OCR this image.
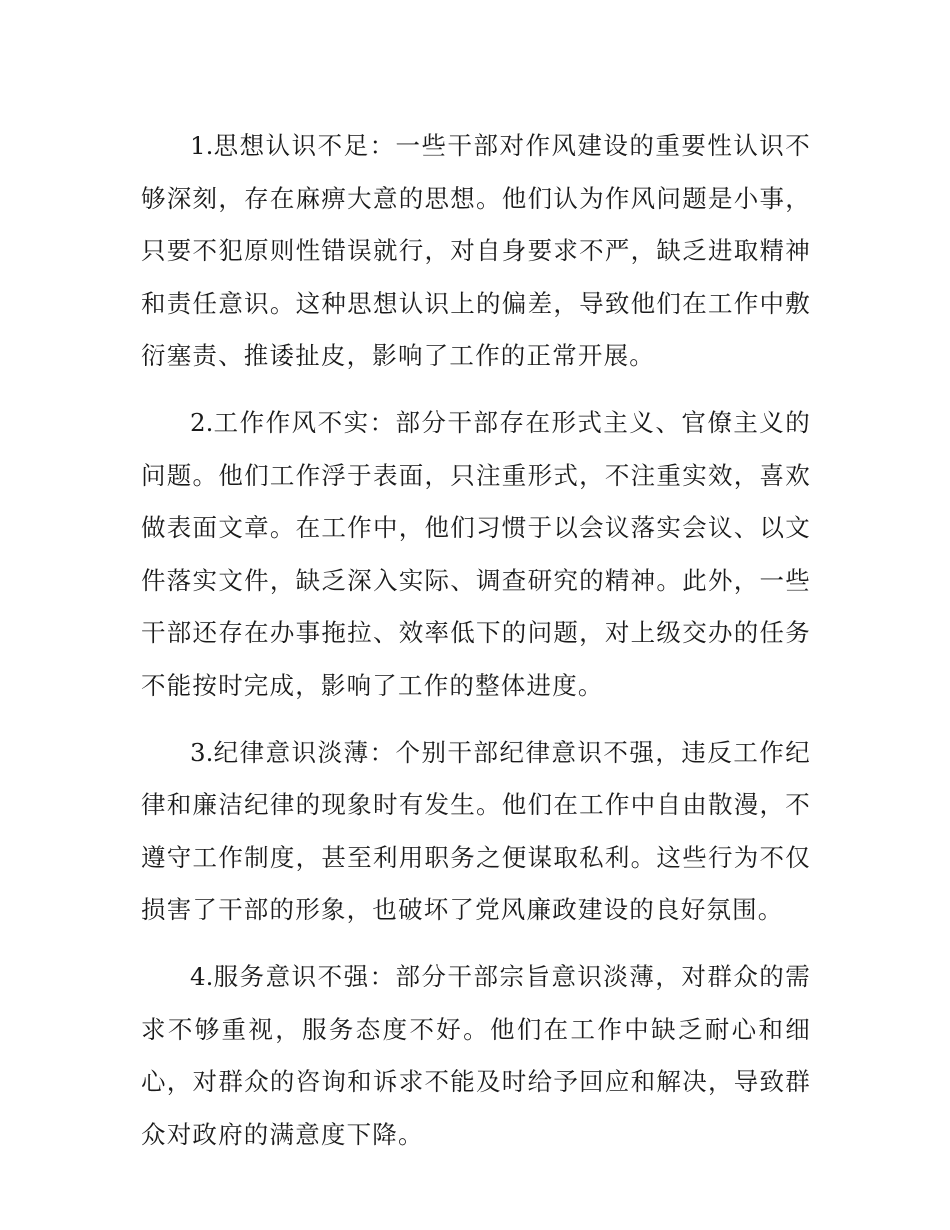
1.思想认识不足：一些干部对作风建设的重要性认识不够深刻，存在麻痹大意的思想。他们认为作风问题是小事，只要不犯原则性错误就行，对自身要求不严，缺乏进取精神和责任意识。这种思想认识上的偏差，导致他们在工作中敷衍塞责、推诿扯皮，影响了工作的正常开展。

2.工作作风不实：部分干部存在形式主义、官僚主义的问题。他们工作浮于表面，只注重形式，不注重实效，喜欢做表面文章。在工作中，他们习惯于以会议落实会议、以文件落实文件，缺乏深入实际、调查研究的精神。此外，一些干部还存在办事拖拉、效率低下的问题，对上级交办的任务不能按时完成，影响了工作的整体进度。

3.纪律意识淡薄：个别干部纪律意识不强，违反工作纪律和廉洁纪律的现象时有发生。他们在工作中自由散漫，不遵守工作制度，甚至利用职务之便谋取私利。这些行为不仅损害了干部的形象，也破坏了党风廉政建设的良好氛围。

4.服务意识不强：部分干部宗旨意识淡薄，对群众的需求不够重视，服务态度不好。他们在工作中缺乏耐心和细心，对群众的咨询和诉求不能及时给予回应和解决，导致群众对政府的满意度下降。
